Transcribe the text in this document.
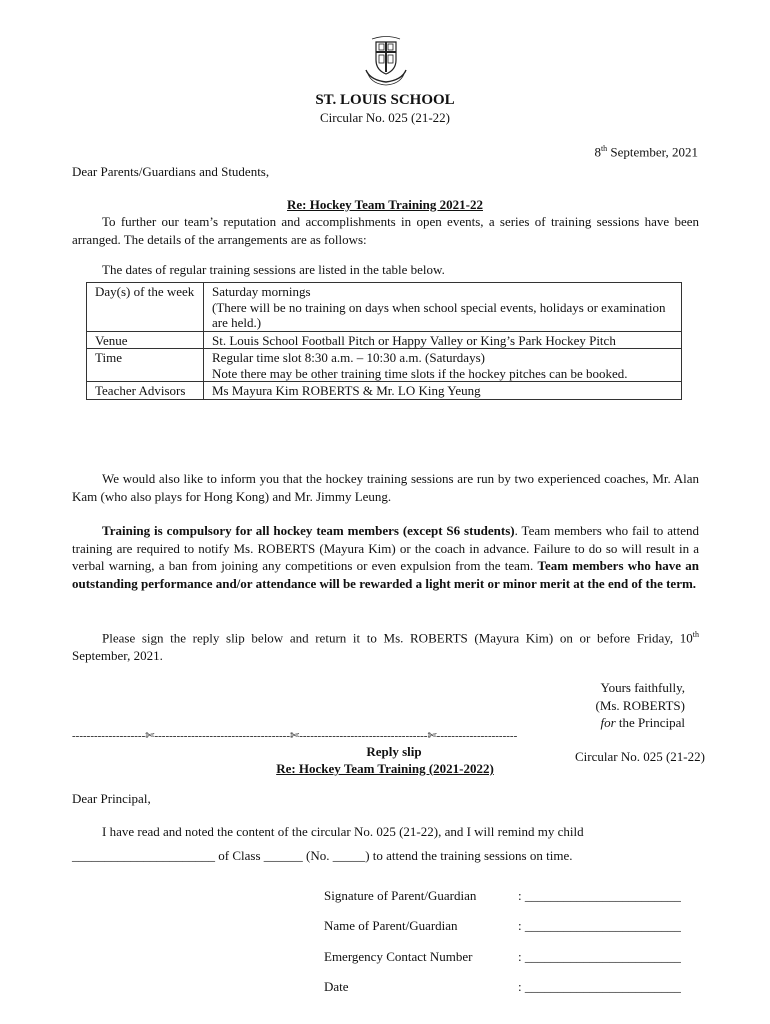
ST. LOUIS SCHOOL
Circular No. 025 (21-22)
8th September, 2021
Dear Parents/Guardians and Students,
Re: Hockey Team Training 2021-22
To further our team’s reputation and accomplishments in open events, a series of training sessions have been arranged. The details of the arrangements are as follows:
The dates of regular training sessions are listed in the table below.
Day(s) of the week	Saturday mornings
(There will be no training on days when school special events, holidays or examination are held.)

Venue	St. Louis School Football Pitch or Happy Valley or King’s Park Hockey Pitch
Time	Regular time slot 8:30 a.m. – 10:30 a.m. (Saturdays)
Note there may be other training time slots if the hockey pitches can be booked.

Teacher Advisors	Ms Mayura Kim ROBERTS & Mr. LO King Yeung
We would also like to inform you that the hockey training sessions are run by two experienced coaches, Mr. Alan Kam (who also plays for Hong Kong) and Mr. Jimmy Leung.
Training is compulsory for all hockey team members (except S6 students). Team members who fail to attend training are required to notify Ms. ROBERTS (Mayura Kim) or the coach in advance. Failure to do so will result in a verbal warning, a ban from joining any competitions or even expulsion from the team. Team members who have an outstanding performance and/or attendance will be rewarded a light merit or minor merit at the end of the term.
Please sign the reply slip below and return it to Ms. ROBERTS (Mayura Kim) on or before Friday, 10th September, 2021.
Yours faithfully,
(Ms. ROBERTS)
for the Principal
--------------------✄-------------------------------------✄-----------------------------------✄----------------------
Reply slip
Re: Hockey Team Training (2021-2022)
Circular No. 025 (21-22)
Dear Principal,
I have read and noted the content of the circular No. 025 (21-22), and I will remind my child
______________________ of Class ______ (No. _____) to attend the training sessions on time.
Signature of Parent/Guardian	: ________________________
Name of Parent/Guardian	: ________________________
Emergency Contact Number	: ________________________
Date	: ________________________
